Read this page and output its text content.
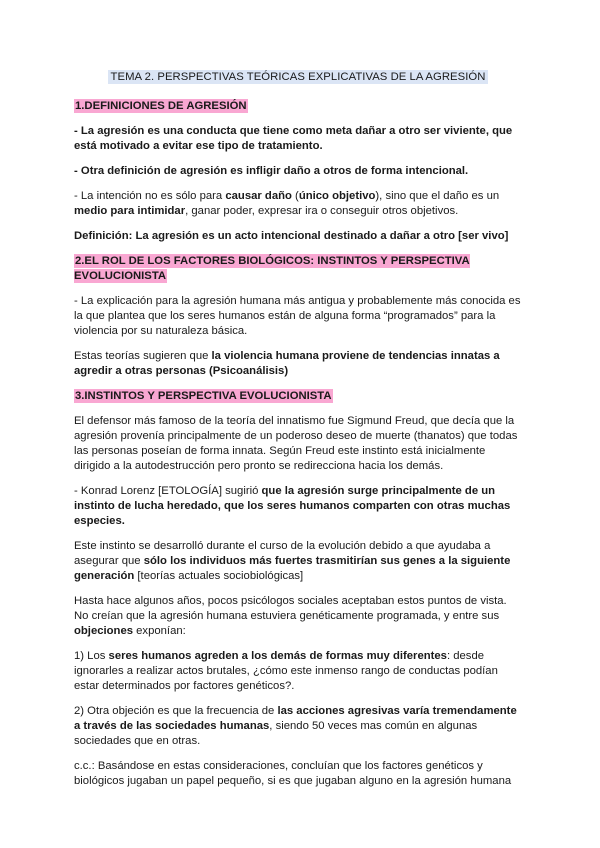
TEMA 2. PERSPECTIVAS TEÓRICAS EXPLICATIVAS DE LA AGRESIÓN
1.DEFINICIONES DE AGRESIÓN

- La agresión es una conducta que tiene como meta dañar a otro ser viviente, que está motivado a evitar ese tipo de tratamiento.

- Otra definición de agresión es infligir daño a otros de forma intencional.

- La intención no es sólo para causar daño (único objetivo), sino que el daño es un medio para intimidar, ganar poder, expresar ira o conseguir otros objetivos.

Definición: La agresión es un acto intencional destinado a dañar a otro [ser vivo]

2.EL ROL DE LOS FACTORES BIOLÓGICOS: INSTINTOS Y PERSPECTIVA EVOLUCIONISTA

- La explicación para la agresión humana más antigua y probablemente más conocida es la que plantea que los seres humanos están de alguna forma “programados” para la violencia por su naturaleza básica.

Estas teorías sugieren que la violencia humana proviene de tendencias innatas a agredir a otras personas (Psicoanálisis)

3.INSTINTOS Y PERSPECTIVA EVOLUCIONISTA

El defensor más famoso de la teoría del innatismo fue Sigmund Freud, que decía que la agresión provenía principalmente de un poderoso deseo de muerte (thanatos) que todas las personas poseían de forma innata. Según Freud este instinto está inicialmente dirigido a la autodestrucción pero pronto se redirecciona hacia los demás.

- Konrad Lorenz [ETOLOGÍA] sugirió que la agresión surge principalmente de un instinto de lucha heredado, que los seres humanos comparten con otras muchas especies.

Este instinto se desarrolló durante el curso de la evolución debido a que ayudaba a asegurar que sólo los individuos más fuertes trasmitirían sus genes a la siguiente generación [teorías actuales sociobiológicas]

Hasta hace algunos años, pocos psicólogos sociales aceptaban estos puntos de vista. No creían que la agresión humana estuviera genéticamente programada, y entre sus objeciones exponían:

1) Los seres humanos agreden a los demás de formas muy diferentes: desde ignorarles a realizar actos brutales, ¿cómo este inmenso rango de conductas podían estar determinados por factores genéticos?.

2) Otra objeción es que la frecuencia de las acciones agresivas varía tremendamente a través de las sociedades humanas, siendo 50 veces mas común en algunas sociedades que en otras.

c.c.: Basándose en estas consideraciones, concluían que los factores genéticos y biológicos jugaban un papel pequeño, si es que jugaban alguno en la agresión humana
